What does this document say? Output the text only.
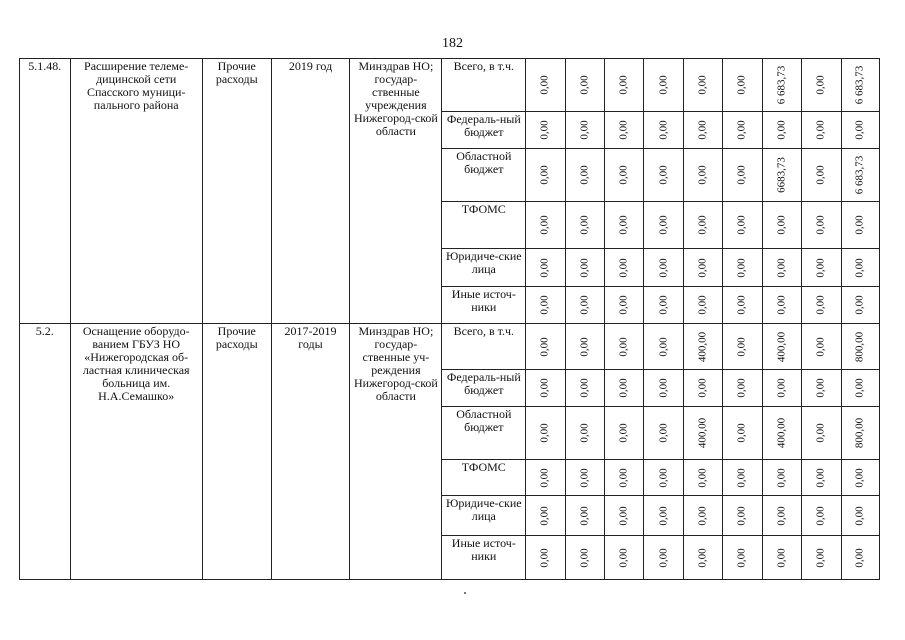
182
5.1.48.	Расширение телеме-дицинской сети Спасского муници-пального района	Прочие расходы	2019 год	Минздрав НО; государ-ственные учреждения Нижегород-ской области	Всего, в т.ч.	0,00	0,00	0,00	0,00	0,00	0,00	6 683,73	0,00	6 683,73

					Федераль-ный бюджет	0,00	0,00	0,00	0,00	0,00	0,00	0,00	0,00	0,00

					Областной бюджет	0,00	0,00	0,00	0,00	0,00	0,00	6683,73	0,00	6 683,73

					ТФОМС	0,00	0,00	0,00	0,00	0,00	0,00	0,00	0,00	0,00

					Юридиче-ские лица	0,00	0,00	0,00	0,00	0,00	0,00	0,00	0,00	0,00

					Иные источ-ники	0,00	0,00	0,00	0,00	0,00	0,00	0,00	0,00	0,00

5.2.	Оснащение оборудо-ванием ГБУЗ НО «Нижегородская об-ластная клиническая больница им. Н.А.Семашко»	Прочие расходы	2017-2019 годы	Минздрав НО; государ-ственные уч-реждения Нижегород-ской области	Всего, в т.ч.	0,00	0,00	0,00	0,00	400,00	0,00	400,00	0,00	800,00

					Федераль-ный бюджет	0,00	0,00	0,00	0,00	0,00	0,00	0,00	0,00	0,00

					Областной бюджет	0,00	0,00	0,00	0,00	400,00	0,00	400,00	0,00	800,00

					ТФОМС	0,00	0,00	0,00	0,00	0,00	0,00	0,00	0,00	0,00

					Юридиче-ские лица	0,00	0,00	0,00	0,00	0,00	0,00	0,00	0,00	0,00

					Иные источ-ники	0,00	0,00	0,00	0,00	0,00	0,00	0,00	0,00	0,00
